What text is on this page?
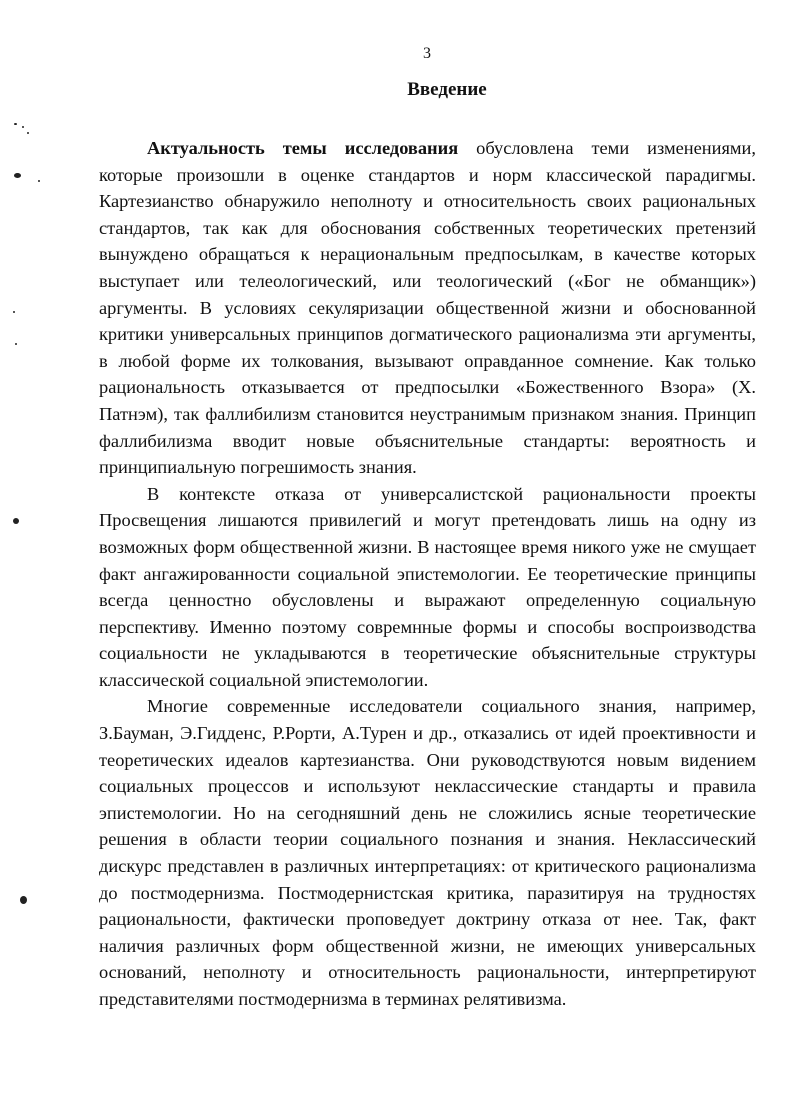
3
Введение

Актуальность темы исследования обусловлена теми изменениями, которые произошли в оценке стандартов и норм классической парадигмы. Картезианство обнаружило неполноту и относительность своих рациональных стандартов, так как для обоснования собственных теоретических претензий вынуждено обращаться к нерациональным предпосылкам, в качестве которых выступает или телеологический, или теологический («Бог не обманщик») аргументы. В условиях секуляризации общественной жизни и обоснованной критики универсальных принципов догматического рационализма эти аргументы, в любой форме их толкования, вызывают оправданное сомнение. Как только рациональность отказывается от предпосылки «Божественного Взора» (Х. Патнэм), так фаллибилизм становится неустранимым признаком знания. Принцип фаллибилизма вводит новые объяснительные стандарты: вероятность и принципиальную погрешимость знания.

В контексте отказа от универсалистской рациональности проекты Просвещения лишаются привилегий и могут претендовать лишь на одну из возможных форм общественной жизни. В настоящее время никого уже не смущает факт ангажированности социальной эпистемологии. Ее теоретические принципы всегда ценностно обусловлены и выражают определенную социальную перспективу. Именно поэтому совремнные формы и способы воспроизводства социальности не укладываются в теоретические объяснительные структуры классической социальной эпистемологии.

Многие современные исследователи социального знания, например, З.Бауман, Э.Гидденс, Р.Рорти, А.Турен и др., отказались от идей проективности и теоретических идеалов картезианства. Они руководствуются новым видением социальных процессов и используют неклассические стандарты и правила эпистемологии. Но на сегодняшний день не сложились ясные теоретические решения в области теории социального познания и знания. Неклассический дискурс представлен в различных интерпретациях: от критического рационализма до постмодернизма. Постмодернистская критика, паразитируя на трудностях рациональности, фактически проповедует доктрину отказа от нее. Так, факт наличия различных форм общественной жизни, не имеющих универсальных оснований, неполноту и относительность рациональности, интерпретируют представителями постмодернизма в терминах релятивизма.
